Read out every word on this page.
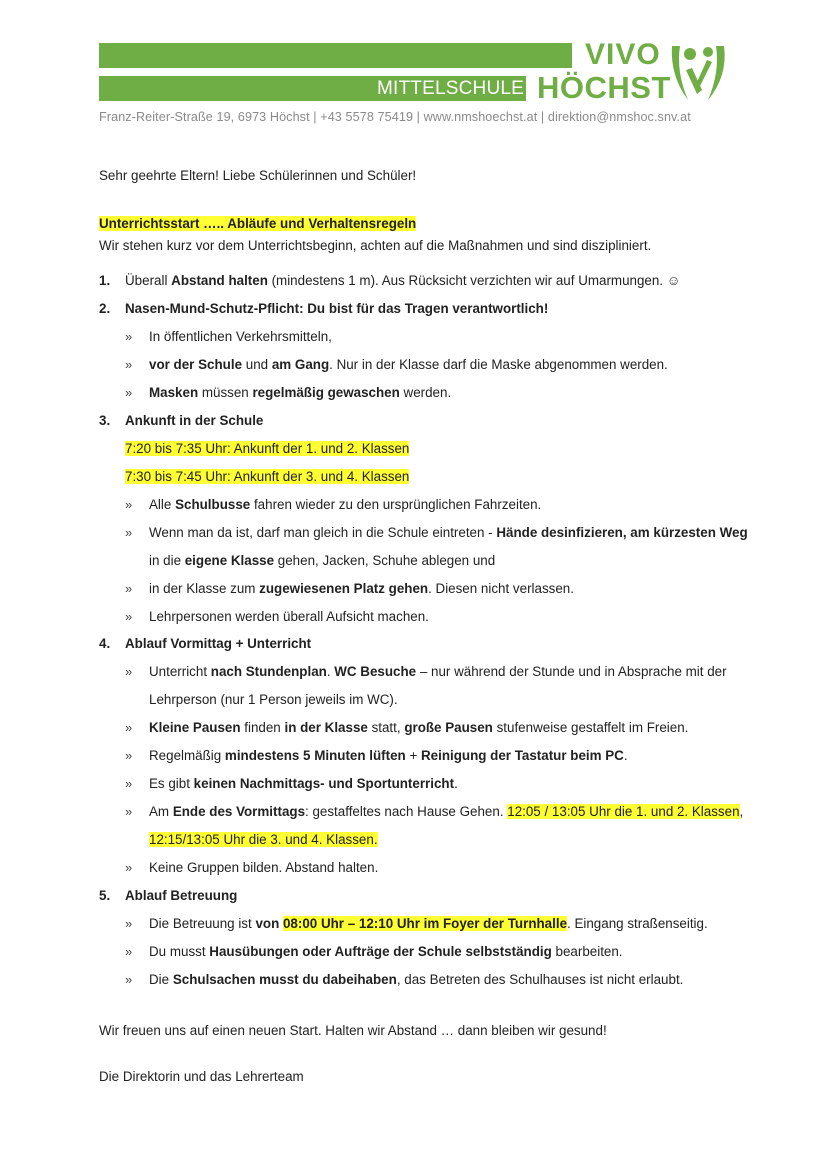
MITTELSCHULE
VIVO
HÖCHST
Franz-Reiter-Straße 19, 6973 Höchst | +43 5578 75419 | www.nmshoechst.at | direktion@nmshoc.snv.at
Sehr geehrte Eltern! Liebe Schülerinnen und Schüler!
Unterrichtsstart ….. Abläufe und Verhaltensregeln
Wir stehen kurz vor dem Unterrichtsbeginn, achten auf die Maßnahmen und sind diszipliniert.
1. Überall Abstand halten (mindestens 1 m). Aus Rücksicht verzichten wir auf Umarmungen. ☺
2. Nasen-Mund-Schutz-Pflicht: Du bist für das Tragen verantwortlich!
» In öffentlichen Verkehrsmitteln,
» vor der Schule und am Gang. Nur in der Klasse darf die Maske abgenommen werden.
» Masken müssen regelmäßig gewaschen werden.
3. Ankunft in der Schule
7:20 bis 7:35 Uhr: Ankunft der 1. und 2. Klassen
7:30 bis 7:45 Uhr: Ankunft der 3. und 4. Klassen
» Alle Schulbusse fahren wieder zu den ursprünglichen Fahrzeiten.
» Wenn man da ist, darf man gleich in die Schule eintreten - Hände desinfizieren, am kürzesten Weg
in die eigene Klasse gehen, Jacken, Schuhe ablegen und
» in der Klasse zum zugewiesenen Platz gehen. Diesen nicht verlassen.
» Lehrpersonen werden überall Aufsicht machen.
4. Ablauf Vormittag + Unterricht
» Unterricht nach Stundenplan. WC Besuche – nur während der Stunde und in Absprache mit der
Lehrperson (nur 1 Person jeweils im WC).
» Kleine Pausen finden in der Klasse statt, große Pausen stufenweise gestaffelt im Freien.
» Regelmäßig mindestens 5 Minuten lüften + Reinigung der Tastatur beim PC.
» Es gibt keinen Nachmittags- und Sportunterricht.
» Am Ende des Vormittags: gestaffeltes nach Hause Gehen. 12:05 / 13:05 Uhr die 1. und 2. Klassen,
12:15/13:05 Uhr die 3. und 4. Klassen.
» Keine Gruppen bilden. Abstand halten.
5. Ablauf Betreuung
» Die Betreuung ist von 08:00 Uhr – 12:10 Uhr im Foyer der Turnhalle. Eingang straßenseitig.
» Du musst Hausübungen oder Aufträge der Schule selbstständig bearbeiten.
» Die Schulsachen musst du dabeihaben, das Betreten des Schulhauses ist nicht erlaubt.
Wir freuen uns auf einen neuen Start. Halten wir Abstand … dann bleiben wir gesund!
Die Direktorin und das Lehrerteam
